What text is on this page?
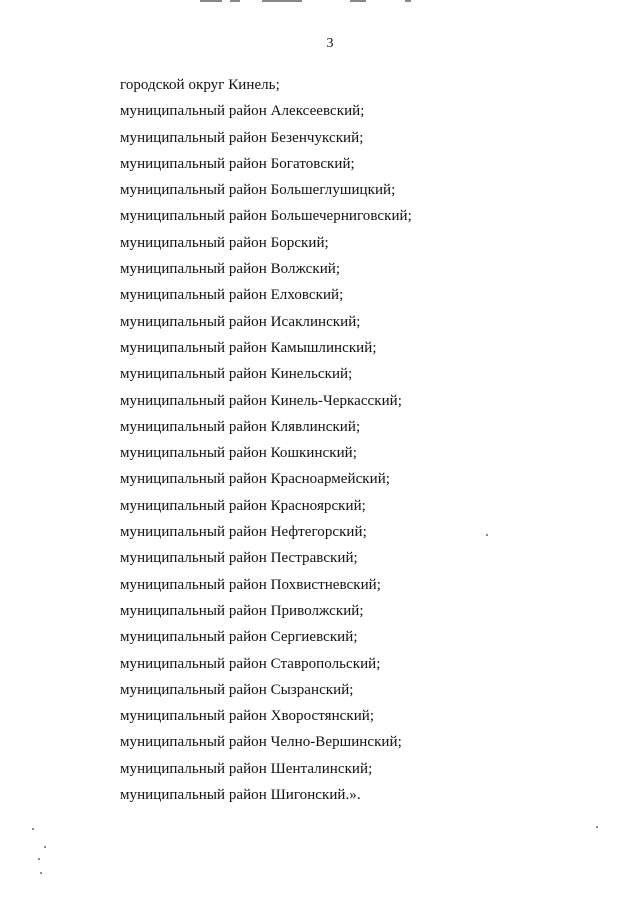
3
городской округ Кинель;
муниципальный район Алексеевский;
муниципальный район Безенчукский;
муниципальный район Богатовский;
муниципальный район Большеглушицкий;
муниципальный район Большечерниговский;
муниципальный район Борский;
муниципальный район Волжский;
муниципальный район Елховский;
муниципальный район Исаклинский;
муниципальный район Камышлинский;
муниципальный район Кинельский;
муниципальный район Кинель-Черкасский;
муниципальный район Клявлинский;
муниципальный район Кошкинский;
муниципальный район Красноармейский;
муниципальный район Красноярский;
муниципальный район Нефтегорский;
муниципальный район Пестравский;
муниципальный район Похвистневский;
муниципальный район Приволжский;
муниципальный район Сергиевский;
муниципальный район Ставропольский;
муниципальный район Сызранский;
муниципальный район Хворостянский;
муниципальный район Челно-Вершинский;
муниципальный район Шенталинский;
муниципальный район Шигонский.».
